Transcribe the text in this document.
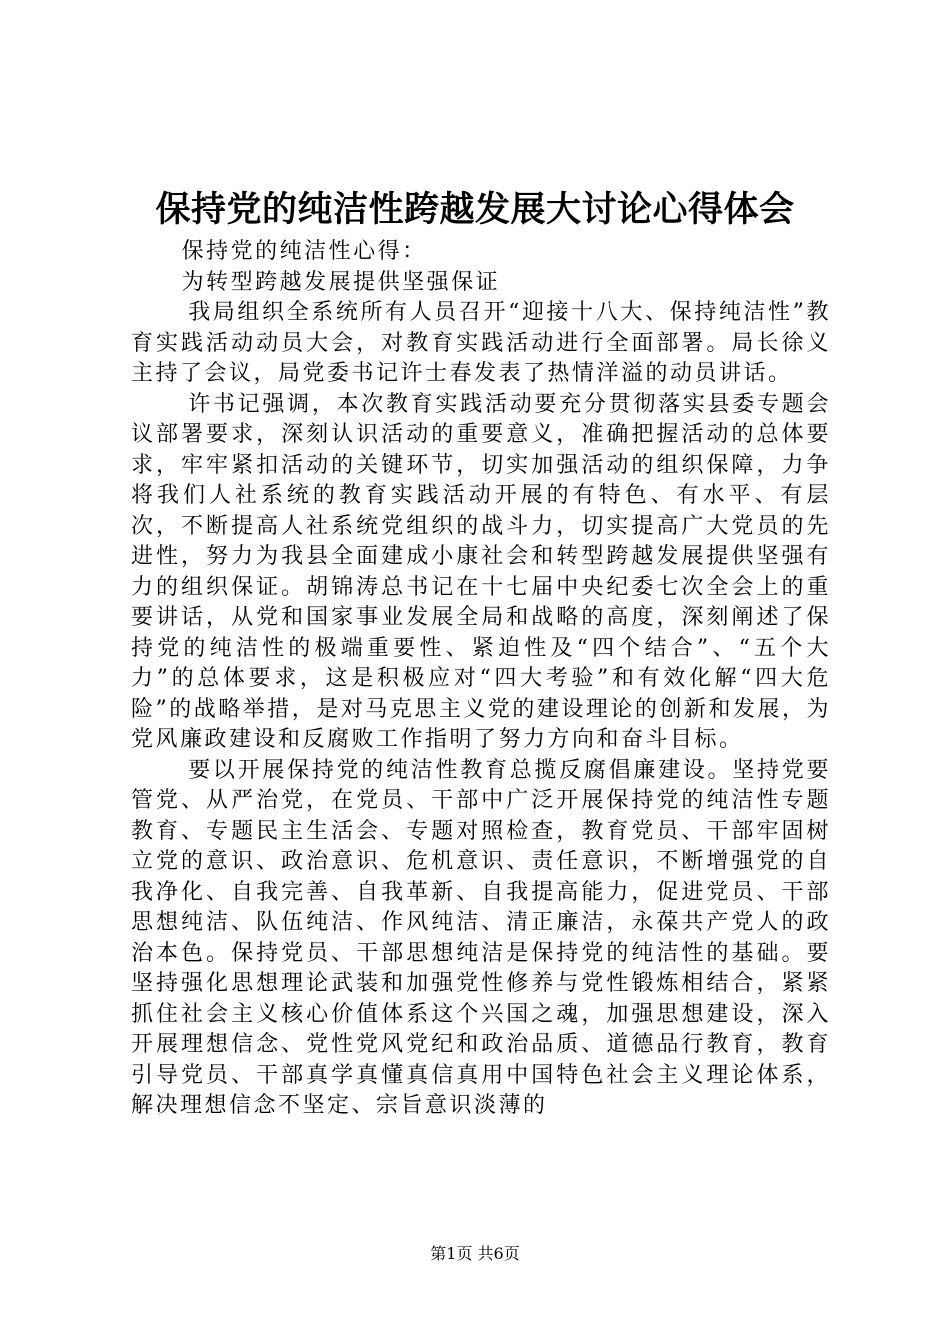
保持党的纯洁性跨越发展大讨论心得体会

保持党的纯洁性心得：

为转型跨越发展提供坚强保证

我局组织全系统所有人员召开“迎接十八大、保持纯洁性”教育实践活动动员大会，对教育实践活动进行全面部署。局长徐义主持了会议，局党委书记许士春发表了热情洋溢的动员讲话。

许书记强调，本次教育实践活动要充分贯彻落实县委专题会议部署要求，深刻认识活动的重要意义，准确把握活动的总体要求，牢牢紧扣活动的关键环节，切实加强活动的组织保障，力争将我们人社系统的教育实践活动开展的有特色、有水平、有层次，不断提高人社系统党组织的战斗力，切实提高广大党员的先进性，努力为我县全面建成小康社会和转型跨越发展提供坚强有力的组织保证。胡锦涛总书记在十七届中央纪委七次全会上的重要讲话，从党和国家事业发展全局和战略的高度，深刻阐述了保持党的纯洁性的极端重要性、紧迫性及“四个结合”、“五个大力”的总体要求，这是积极应对“四大考验”和有效化解“四大危险”的战略举措，是对马克思主义党的建设理论的创新和发展，为党风廉政建设和反腐败工作指明了努力方向和奋斗目标。

要以开展保持党的纯洁性教育总揽反腐倡廉建设。坚持党要管党、从严治党，在党员、干部中广泛开展保持党的纯洁性专题教育、专题民主生活会、专题对照检查，教育党员、干部牢固树立党的意识、政治意识、危机意识、责任意识，不断增强党的自我净化、自我完善、自我革新、自我提高能力，促进党员、干部思想纯洁、队伍纯洁、作风纯洁、清正廉洁，永葆共产党人的政治本色。保持党员、干部思想纯洁是保持党的纯洁性的基础。要坚持强化思想理论武装和加强党性修养与党性锻炼相结合，紧紧抓住社会主义核心价值体系这个兴国之魂，加强思想建设，深入开展理想信念、党性党风党纪和政治品质、道德品行教育，教育引导党员、干部真学真懂真信真用中国特色社会主义理论体系，解决理想信念不坚定、宗旨意识淡薄的

第1页 共6页
